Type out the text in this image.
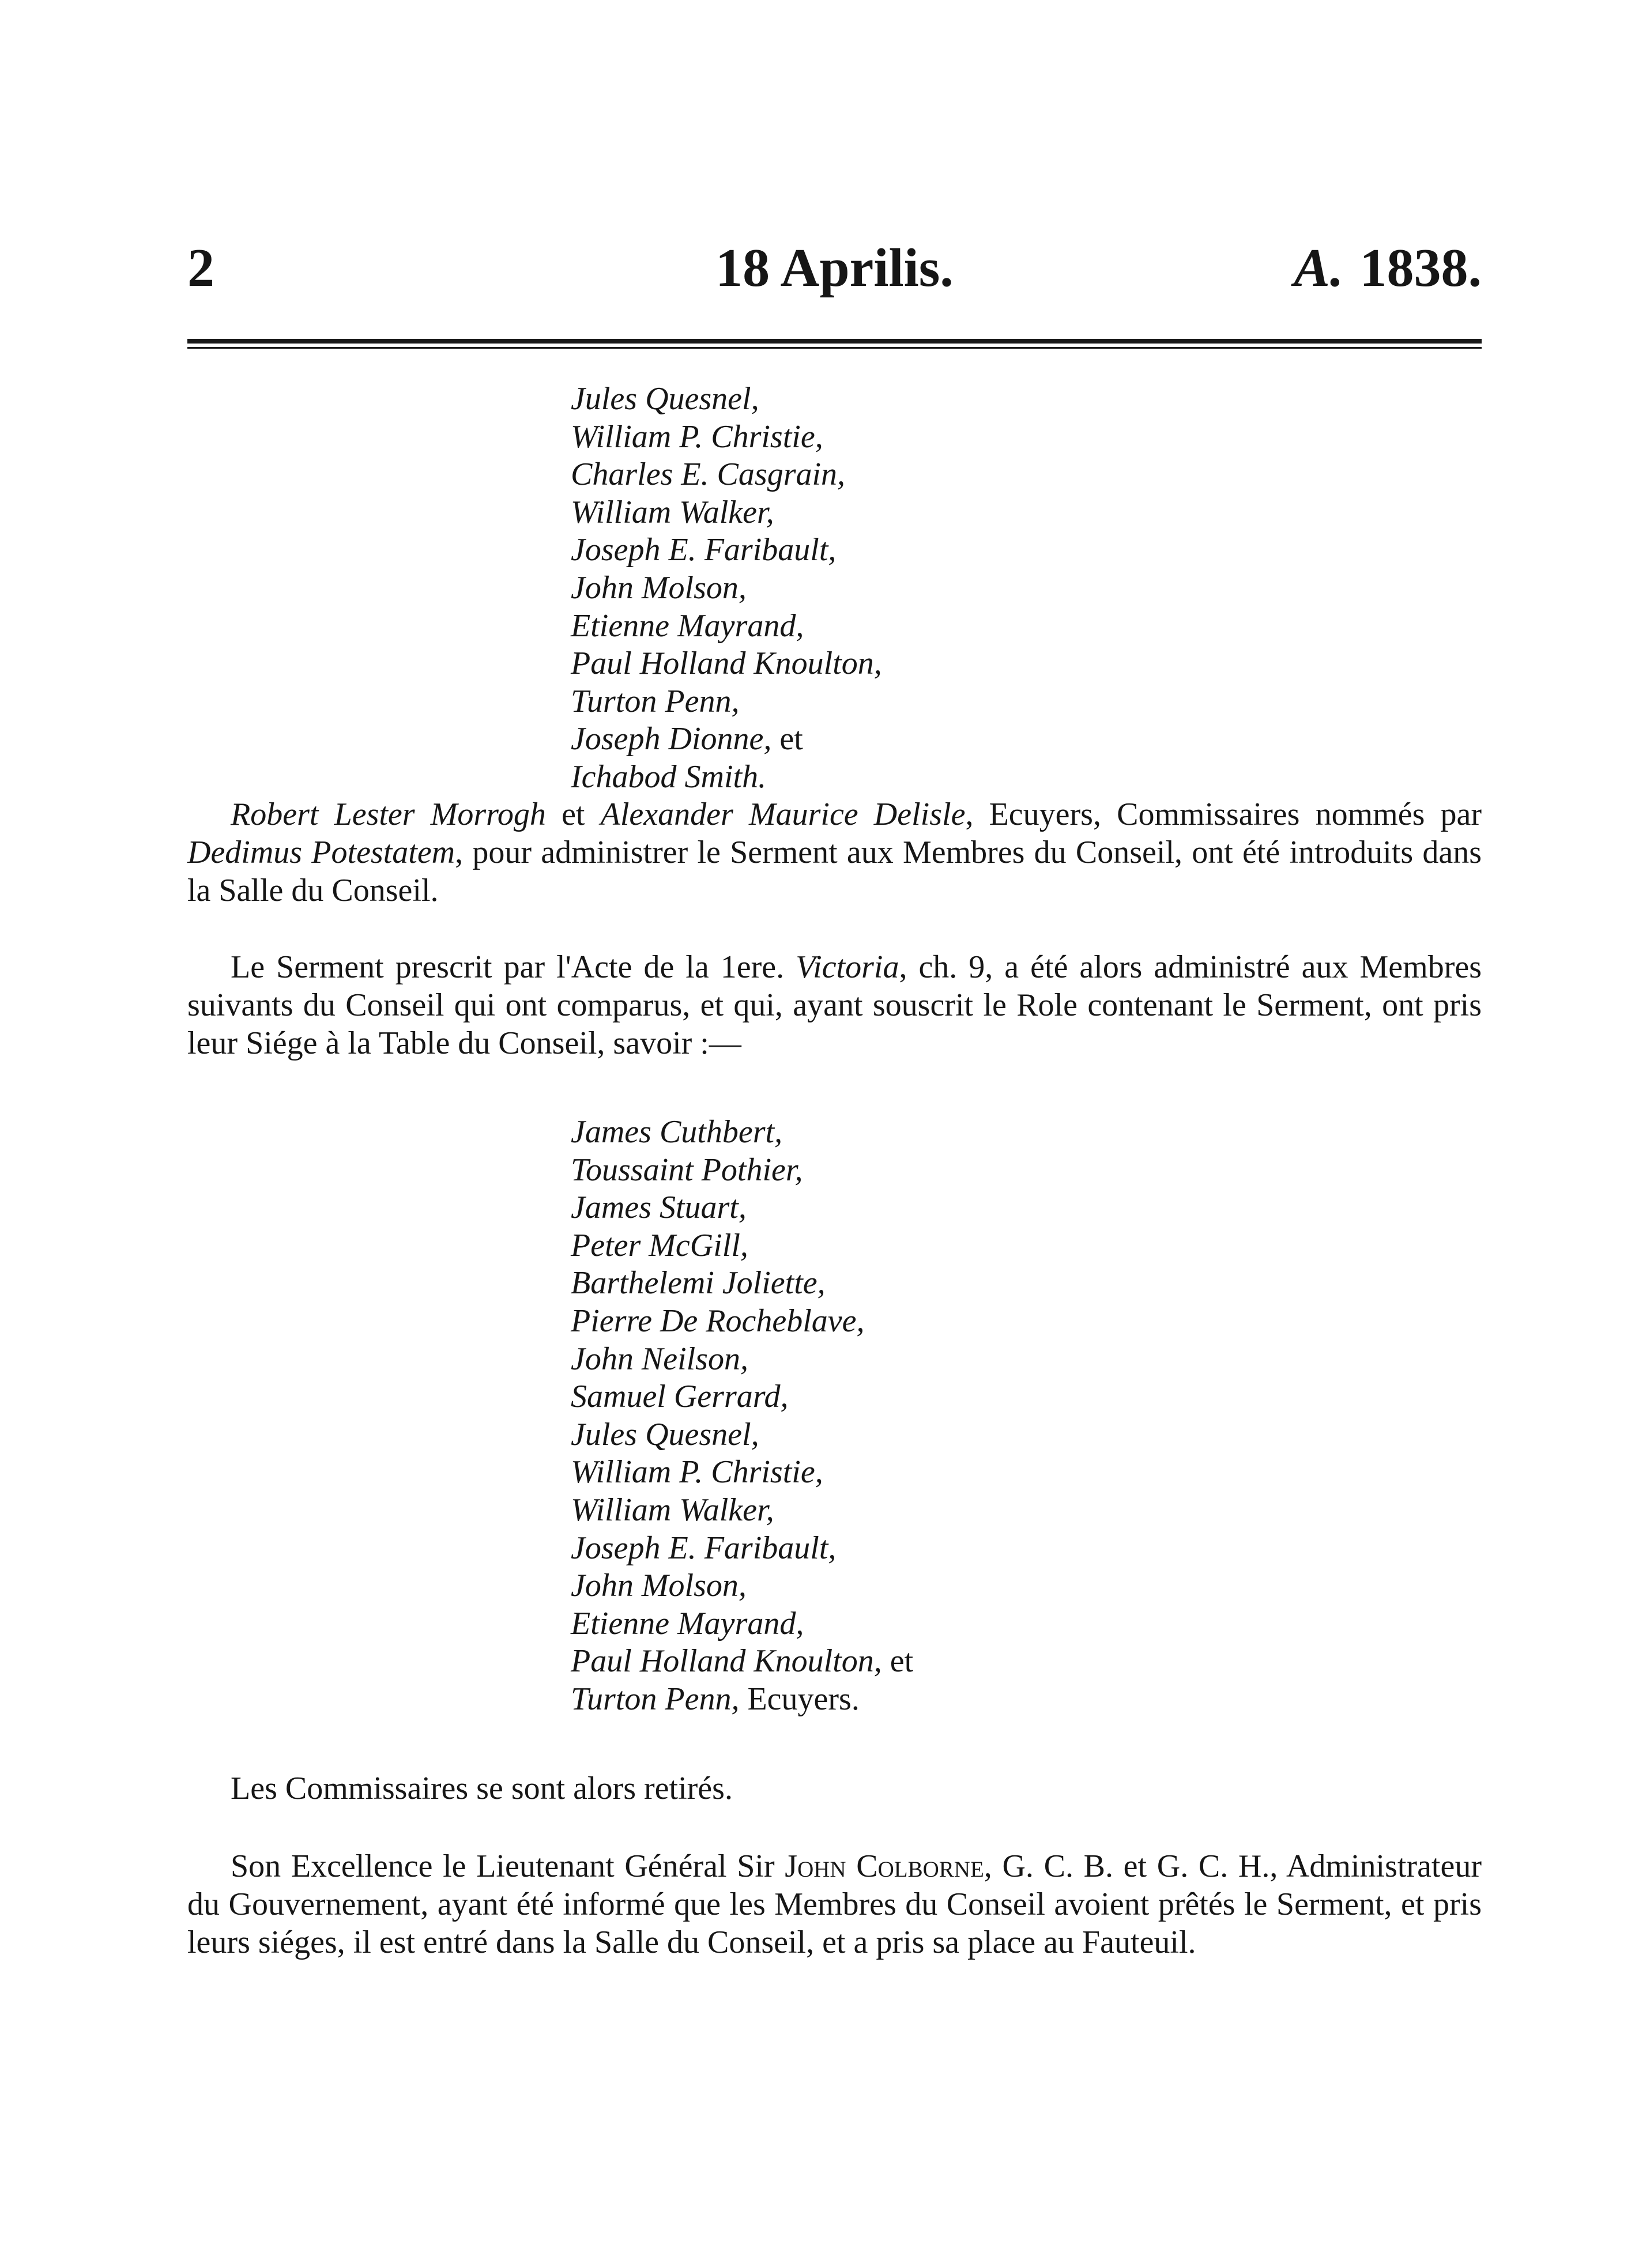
2	18 Aprilis.	A. 1838.
Jules Quesnel,
William P. Christie,
Charles E. Casgrain,
William Walker,
Joseph E. Faribault,
John Molson,
Etienne Mayrand,
Paul Holland Knoulton,
Turton Penn,
Joseph Dionne, et
Ichabod Smith.

Robert Lester Morrogh et Alexander Maurice Delisle, Ecuyers, Commissaires nommés par Dedimus Potestatem, pour administrer le Serment aux Membres du Conseil, ont été introduits dans la Salle du Conseil.

Le Serment prescrit par l'Acte de la 1ere. Victoria, ch. 9, a été alors administré aux Membres suivants du Conseil qui ont comparus, et qui, ayant souscrit le Role contenant le Serment, ont pris leur Siége à la Table du Conseil, savoir :—

James Cuthbert,
Toussaint Pothier,
James Stuart,
Peter McGill,
Barthelemi Joliette,
Pierre De Rocheblave,
John Neilson,
Samuel Gerrard,
Jules Quesnel,
William P. Christie,
William Walker,
Joseph E. Faribault,
John Molson,
Etienne Mayrand,
Paul Holland Knoulton, et
Turton Penn, Ecuyers.

Les Commissaires se sont alors retirés.

Son Excellence le Lieutenant Général Sir John Colborne, G. C. B. et G. C. H., Administrateur du Gouvernement, ayant été informé que les Membres du Conseil avoient prêtés le Serment, et pris leurs siéges, il est entré dans la Salle du Conseil, et a pris sa place au Fauteuil.
